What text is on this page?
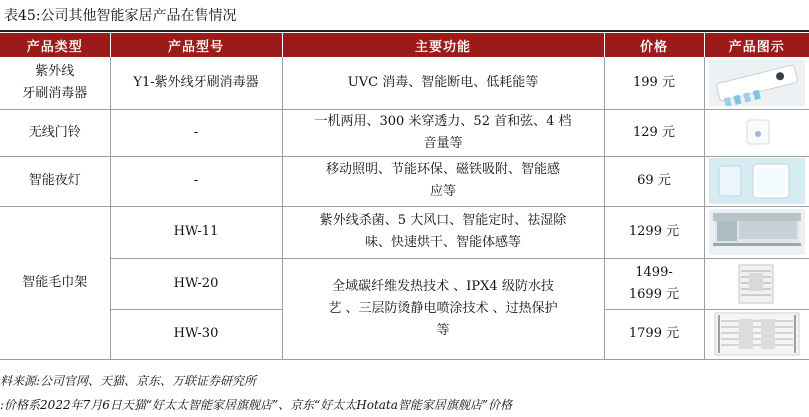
表45:公司其他智能家居产品在售情况
产品类型	产品型号	主要功能	价格	产品图示
紫外线
牙刷消毒器	Y1-紫外线牙刷消毒器	UVC 消毒、智能断电、低耗能等	199 元	

无线门铃	-	一机两用、300 米穿透力、52 首和弦、4 档
音量等	129 元	

智能夜灯	-	移动照明、节能环保、磁铁吸附、智能感
应等	69 元	

智能毛巾架	HW-11	紫外线杀菌、5 大风口、智能定时、祛湿除
味、快速烘干、智能体感等	1299 元	

	HW-20	全域碳纤维发热技术 、IPX4 级防水技
艺 、三层防烫静电喷涂技术 、过热保护
等	1499-
1699 元	

	HW-30		1799 元	
料来源:公司官网、天猫、京东、万联证券研究所
:价格系2022年7月6日天猫“好太太智能家居旗舰店”、京东“好太太Hotata智能家居旗舰店”价格
